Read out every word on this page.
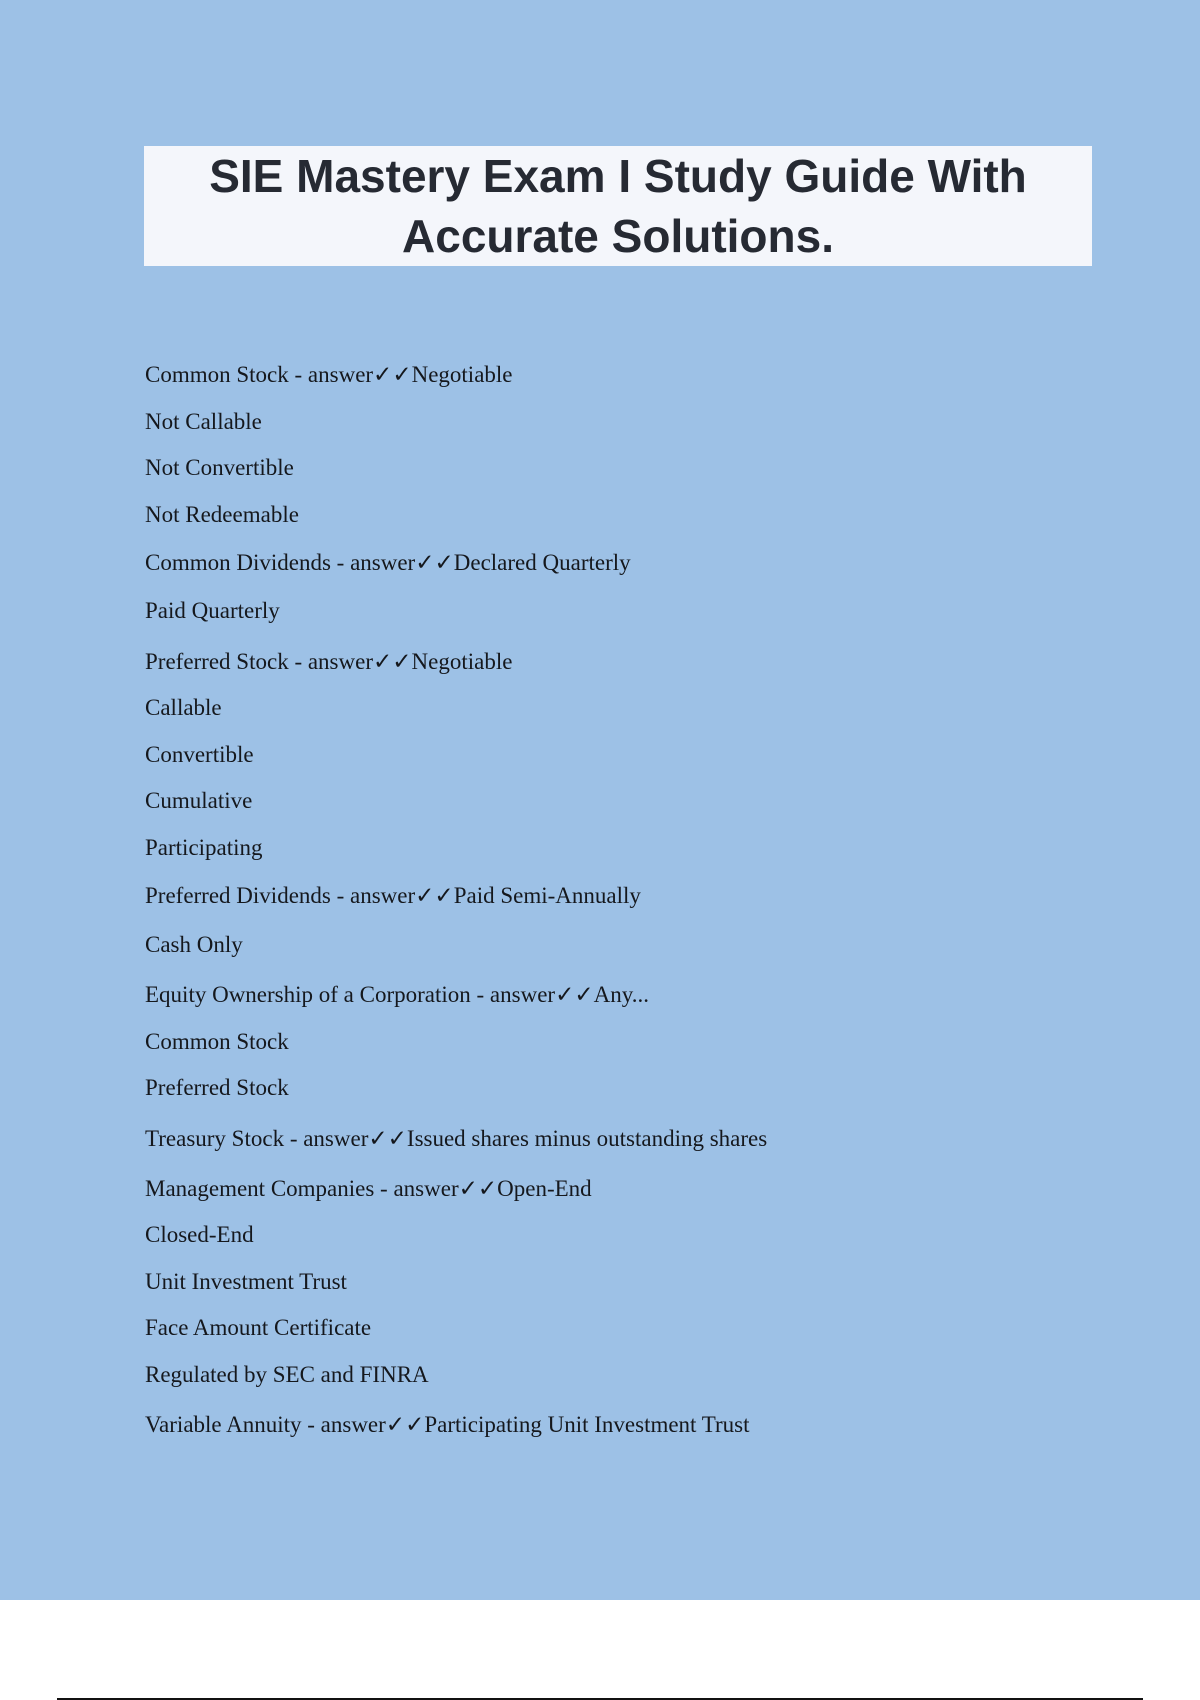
SIE Mastery Exam I Study Guide With Accurate Solutions.
Common Stock - answer✓✓Negotiable
Not Callable
Not Convertible
Not Redeemable
Common Dividends - answer✓✓Declared Quarterly
Paid Quarterly
Preferred Stock - answer✓✓Negotiable
Callable
Convertible
Cumulative
Participating
Preferred Dividends - answer✓✓Paid Semi-Annually
Cash Only
Equity Ownership of a Corporation - answer✓✓Any...
Common Stock
Preferred Stock
Treasury Stock - answer✓✓Issued shares minus outstanding shares
Management Companies - answer✓✓Open-End
Closed-End
Unit Investment Trust
Face Amount Certificate
Regulated by SEC and FINRA
Variable Annuity - answer✓✓Participating Unit Investment Trust
